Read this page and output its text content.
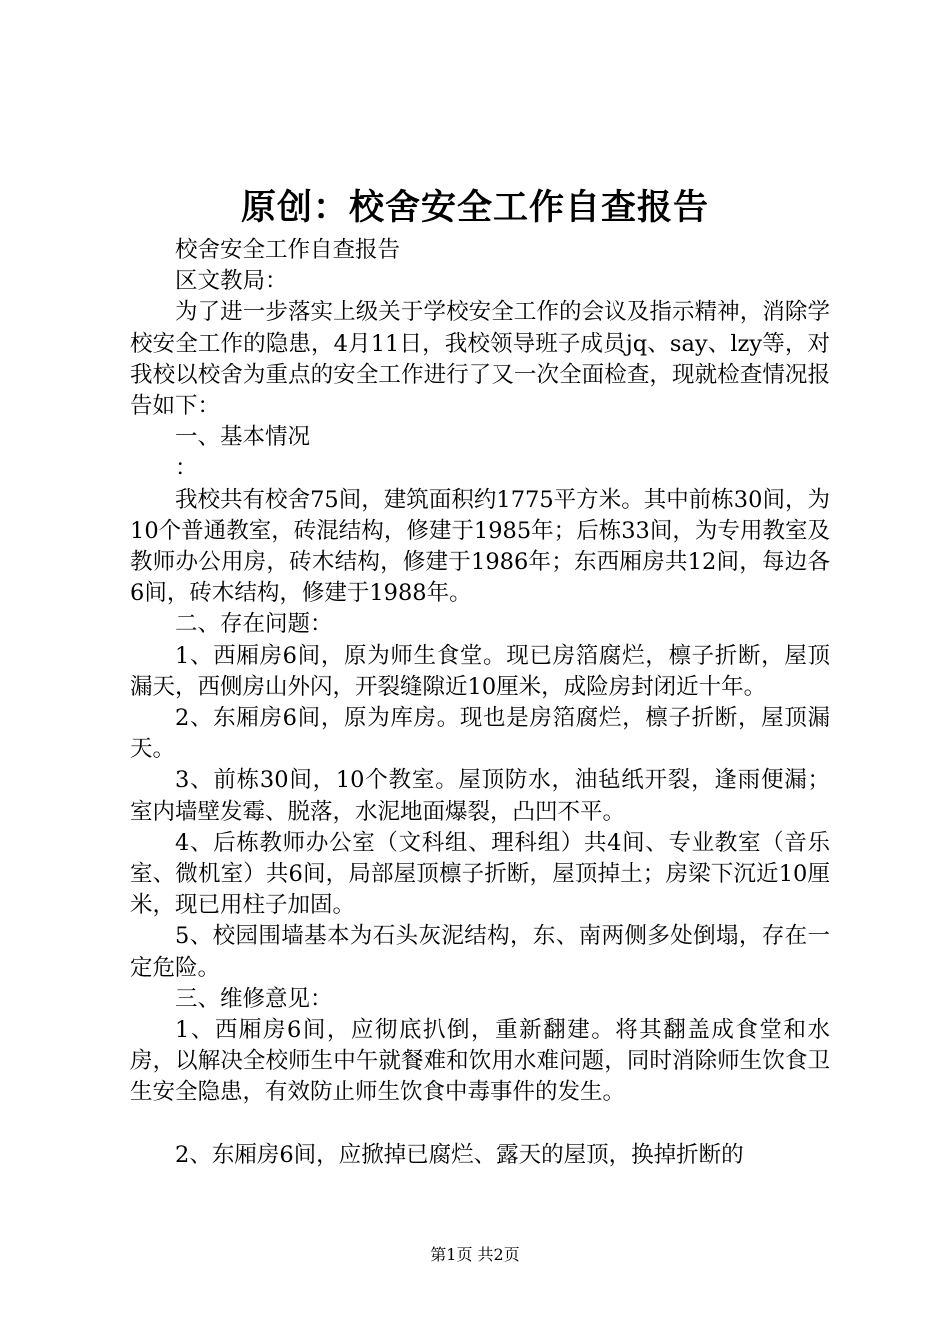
原创：校舍安全工作自查报告

校舍安全工作自查报告

区文教局：

为了进一步落实上级关于学校安全工作的会议及指示精神，消除学校安全工作的隐患，4月11日，我校领导班子成员jq、say、lzy等，对我校以校舍为重点的安全工作进行了又一次全面检查，现就检查情况报告如下：

一、基本情况

：

我校共有校舍75间，建筑面积约1775平方米。其中前栋30间，为10个普通教室，砖混结构，修建于1985年；后栋33间，为专用教室及教师办公用房，砖木结构，修建于1986年；东西厢房共12间，每边各6间，砖木结构，修建于1988年。

二、存在问题：

1、西厢房6间，原为师生食堂。现已房箔腐烂，檩子折断，屋顶漏天，西侧房山外闪，开裂缝隙近10厘米，成险房封闭近十年。

2、东厢房6间，原为库房。现也是房箔腐烂，檩子折断，屋顶漏天。

3、前栋30间，10个教室。屋顶防水，油毡纸开裂，逢雨便漏；室内墙壁发霉、脱落，水泥地面爆裂，凸凹不平。

4、后栋教师办公室（文科组、理科组）共4间、专业教室（音乐室、微机室）共6间，局部屋顶檩子折断，屋顶掉土；房梁下沉近10厘米，现已用柱子加固。

5、校园围墙基本为石头灰泥结构，东、南两侧多处倒塌，存在一定危险。

三、维修意见：

1、西厢房6间，应彻底扒倒，重新翻建。将其翻盖成食堂和水房，以解决全校师生中午就餐难和饮用水难问题，同时消除师生饮食卫生安全隐患，有效防止师生饮食中毒事件的发生。

2、东厢房6间，应掀掉已腐烂、露天的屋顶，换掉折断的

第1页 共2页
